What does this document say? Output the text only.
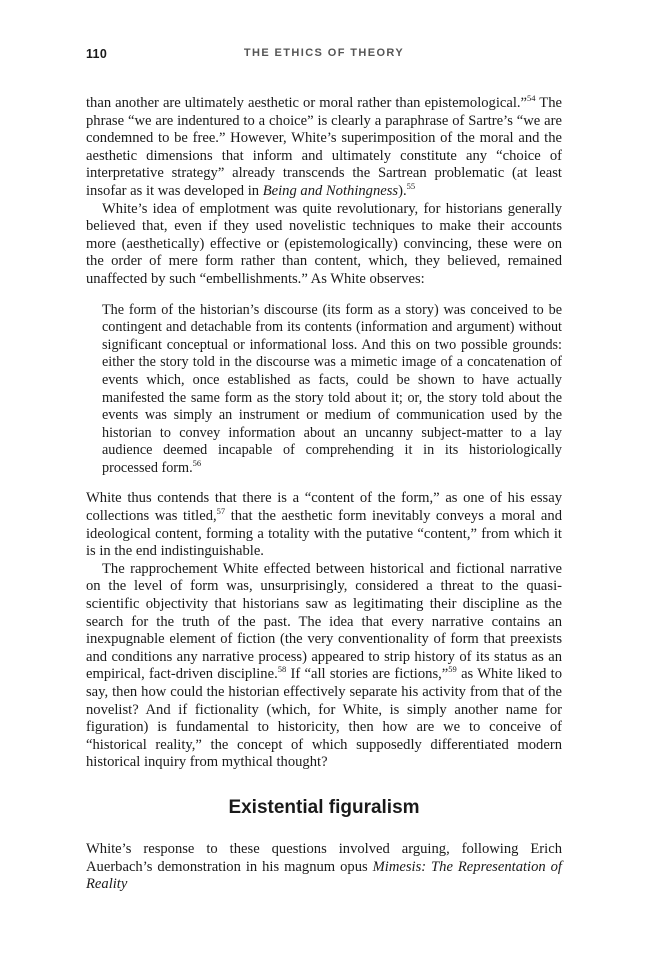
110	THE ETHICS OF THEORY

than another are ultimately aesthetic or moral rather than epistemological.”$^{54}$ The phrase “we are indentured to a choice” is clearly a paraphrase of Sartre’s “we are condemned to be free.” However, White’s superimposition of the moral and the aesthetic dimensions that inform and ultimately constitute any “choice of interpretative strategy” already transcends the Sartrean problematic (at least insofar as it was developed in Being and Nothingness).$^{55}$

White’s idea of emplotment was quite revolutionary, for historians generally believed that, even if they used novelistic techniques to make their accounts more (aesthetically) effective or (epistemologically) convincing, these were on the order of mere form rather than content, which, they believed, remained unaffected by such “embellishments.” As White observes:

The form of the historian’s discourse (its form as a story) was conceived to be contingent and detachable from its contents (information and argument) without significant conceptual or informational loss. And this on two possible grounds: either the story told in the discourse was a mimetic image of a concatenation of events which, once established as facts, could be shown to have actually manifested the same form as the story told about it; or, the story told about the events was simply an instrument or medium of communication used by the historian to convey information about an uncanny subject-matter to a lay audience deemed incapable of comprehending it in its historiologically processed form.$^{56}$

White thus contends that there is a “content of the form,” as one of his essay collections was titled,$^{57}$ that the aesthetic form inevitably conveys a moral and ideological content, forming a totality with the putative “content,” from which it is in the end indistinguishable.

The rapprochement White effected between historical and fictional narrative on the level of form was, unsurprisingly, considered a threat to the quasi-scientific objectivity that historians saw as legitimating their discipline as the search for the truth of the past. The idea that every narrative contains an inexpugnable element of fiction (the very conventionality of form that preexists and conditions any narrative process) appeared to strip history of its status as an empirical, fact-driven discipline.$^{58}$ If “all stories are fictions,”$^{59}$ as White liked to say, then how could the historian effectively separate his activity from that of the novelist? And if fictionality (which, for White, is simply another name for figuration) is fundamental to historicity, then how are we to conceive of “historical reality,” the concept of which supposedly differentiated modern historical inquiry from mythical thought?

Existential figuralism

White’s response to these questions involved arguing, following Erich Auerbach’s demonstration in his magnum opus Mimesis: The Representation of Reality
